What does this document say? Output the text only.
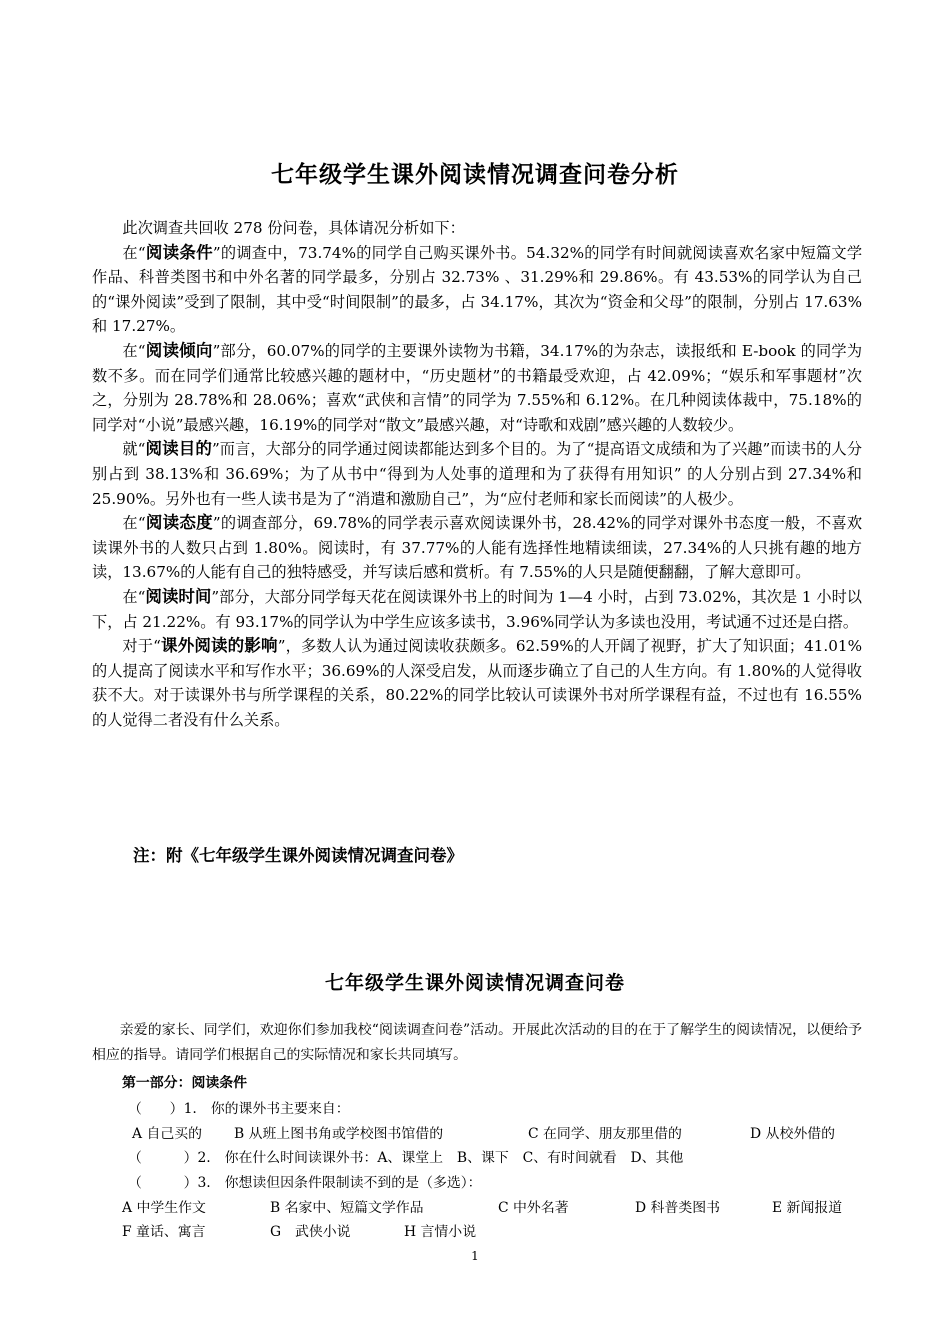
七年级学生课外阅读情况调查问卷分析

此次调查共回收 278 份问卷，具体请况分析如下：

在“阅读条件”的调查中，73.74%的同学自己购买课外书。54.32%的同学有时间就阅读喜欢名家中短篇文学作品、科普类图书和中外名著的同学最多，分别占 32.73% 、31.29%和 29.86%。有 43.53%的同学认为自己的“课外阅读”受到了限制，其中受“时间限制”的最多，占 34.17%，其次为“资金和父母”的限制，分别占 17.63%和 17.27%。

在“阅读倾向”部分，60.07%的同学的主要课外读物为书籍，34.17%的为杂志，读报纸和 E-book 的同学为数不多。而在同学们通常比较感兴趣的题材中，“历史题材”的书籍最受欢迎，占 42.09%；“娱乐和军事题材”次之，分别为 28.78%和 28.06%；喜欢“武侠和言情”的同学为 7.55%和 6.12%。在几种阅读体裁中，75.18%的同学对“小说”最感兴趣，16.19%的同学对“散文”最感兴趣，对“诗歌和戏剧”感兴趣的人数较少。

就“阅读目的”而言，大部分的同学通过阅读都能达到多个目的。为了“提高语文成绩和为了兴趣”而读书的人分别占到 38.13%和 36.69%；为了从书中“得到为人处事的道理和为了获得有用知识” 的人分别占到 27.34%和 25.90%。另外也有一些人读书是为了“消遣和激励自己”，为“应付老师和家长而阅读”的人极少。

在“阅读态度”的调查部分，69.78%的同学表示喜欢阅读课外书，28.42%的同学对课外书态度一般，不喜欢读课外书的人数只占到 1.80%。阅读时，有 37.77%的人能有选择性地精读细读，27.34%的人只挑有趣的地方读，13.67%的人能有自己的独特感受，并写读后感和赏析。有 7.55%的人只是随便翻翻，了解大意即可。

在“阅读时间”部分，大部分同学每天花在阅读课外书上的时间为 1—4 小时，占到 73.02%，其次是 1 小时以下，占 21.22%。有 93.17%的同学认为中学生应该多读书，3.96%同学认为多读也没用，考试通不过还是白搭。

对于“课外阅读的影响”，多数人认为通过阅读收获颇多。62.59%的人开阔了视野，扩大了知识面；41.01%的人提高了阅读水平和写作水平；36.69%的人深受启发，从而逐步确立了自己的人生方向。有 1.80%的人觉得收获不大。对于读课外书与所学课程的关系，80.22%的同学比较认可读课外书对所学课程有益，不过也有 16.55%的人觉得二者没有什么关系。

注：附《七年级学生课外阅读情况调查问卷》
七年级学生课外阅读情况调查问卷

亲爱的家长、同学们，欢迎你们参加我校“阅读调查问卷”活动。开展此次活动的目的在于了解学生的阅读情况，以便给予相应的指导。请同学们根据自己的实际情况和家长共同填写。

第一部分：阅读条件
（　　）1.　你的课外书主要来自：
A 自己买的 B 从班上图书角或学校图书馆借的	C 在同学、朋友那里借的	D 从校外借的
（　　　）2.　你在什么时间读课外书：A、课堂上　B、课下　C、有时间就看　D、其他
（　　　）3.　你想读但因条件限制读不到的是（多选）：
A 中学生作文	B 名家中、短篇文学作品	C 中外名著	D 科普类图书	E 新闻报道
F 童话、寓言	G　武侠小说	H 言情小说
1
